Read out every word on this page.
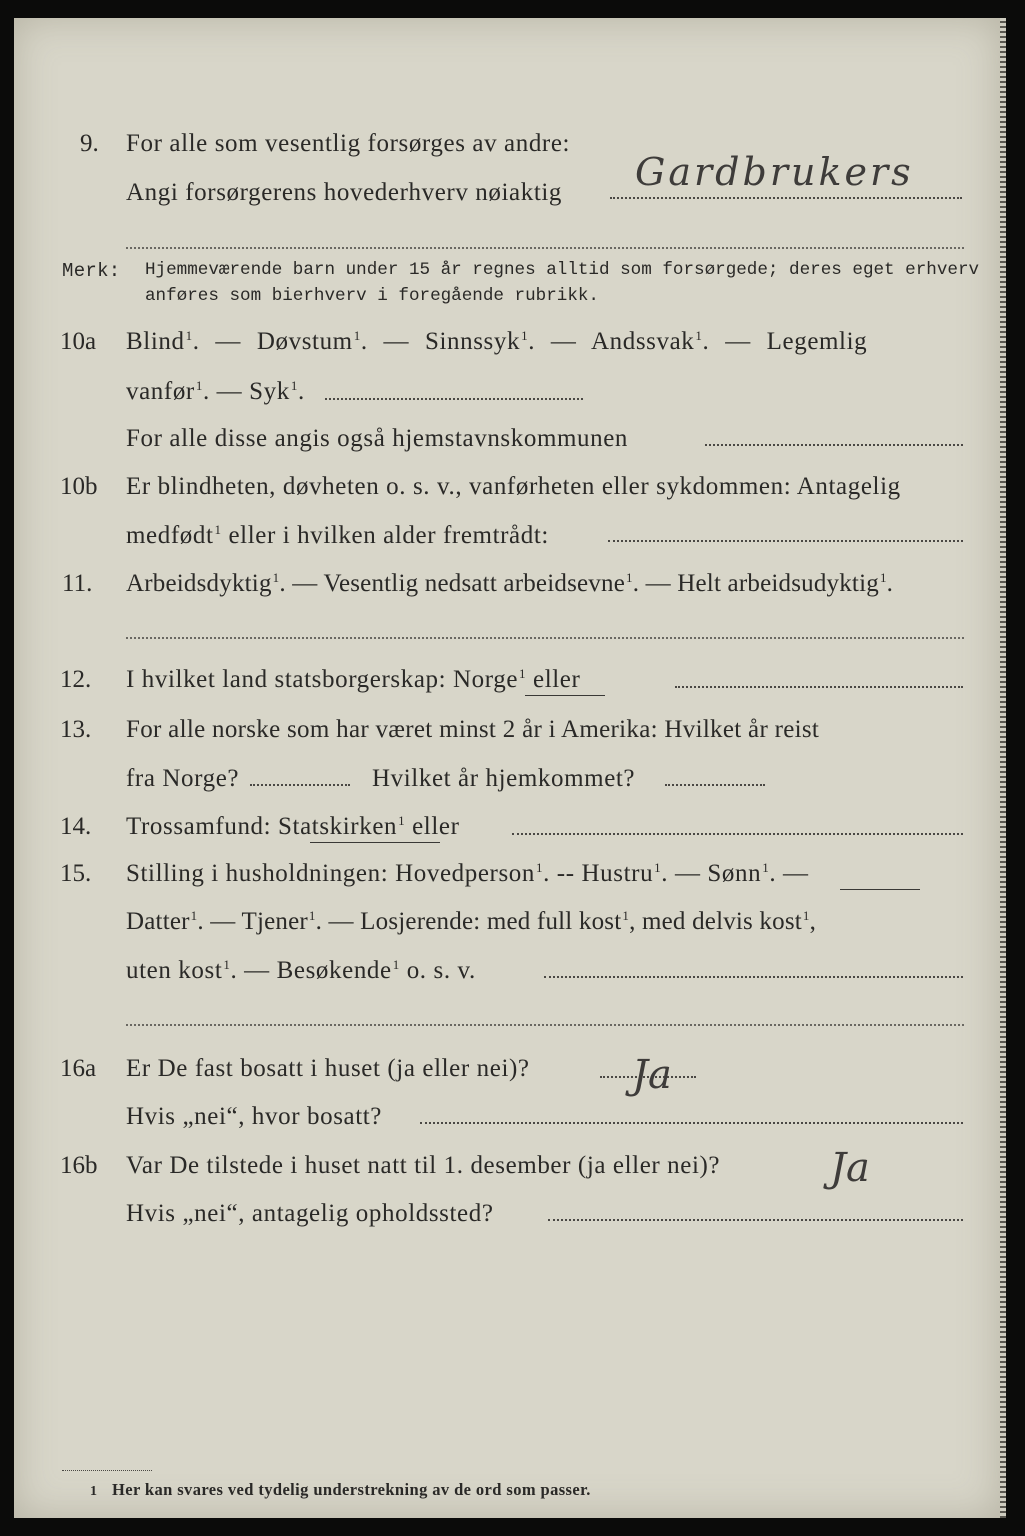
9. For alle som vesentlig forsørges av andre:
Angi forsørgerens hovederhverv nøiaktig Gardbrukers
Merk: Hjemmeværende barn under 15 år regnes alltid som forsørgede; deres eget erhverv
anføres som bierhverv i foregående rubrikk.
10a Blind$^1$. — Døvstum$^1$. — Sinnssyk$^1$. — Andssvak$^1$. — Legemlig
vanfør$^1$. — Syk$^1$.
For alle disse angis også hjemstavnskommunen
10b Er blindheten, døvheten o. s. v., vanførheten eller sykdommen: Antagelig
medfødt$^1$ eller i hvilken alder fremtrådt:
11. Arbeidsdyktig$^1$. — Vesentlig nedsatt arbeidsevne$^1$. — Helt arbeidsudyktig$^1$.
12. I hvilket land statsborgerskap: Norge$^1$ eller
13. For alle norske som har været minst 2 år i Amerika: Hvilket år reist
fra Norge?	Hvilket år hjemkommet?
14. Trossamfund: Statskirken$^1$ eller
15. Stilling i husholdningen: Hovedperson$^1$. -- Hustru$^1$. — Sønn$^1$. —
Datter$^1$. — Tjener$^1$. — Losjerende: med full kost$^1$, med delvis kost$^1$,
uten kost$^1$. — Besøkende$^1$ o. s. v.
16a Er De fast bosatt i huset (ja eller nei)?	Ja
Hvis „nei“, hvor bosatt?
16b Var De tilstede i huset natt til 1. desember (ja eller nei)?	Ja
Hvis „nei“, antagelig opholdssted?
1 Her kan svares ved tydelig understrekning av de ord som passer.
